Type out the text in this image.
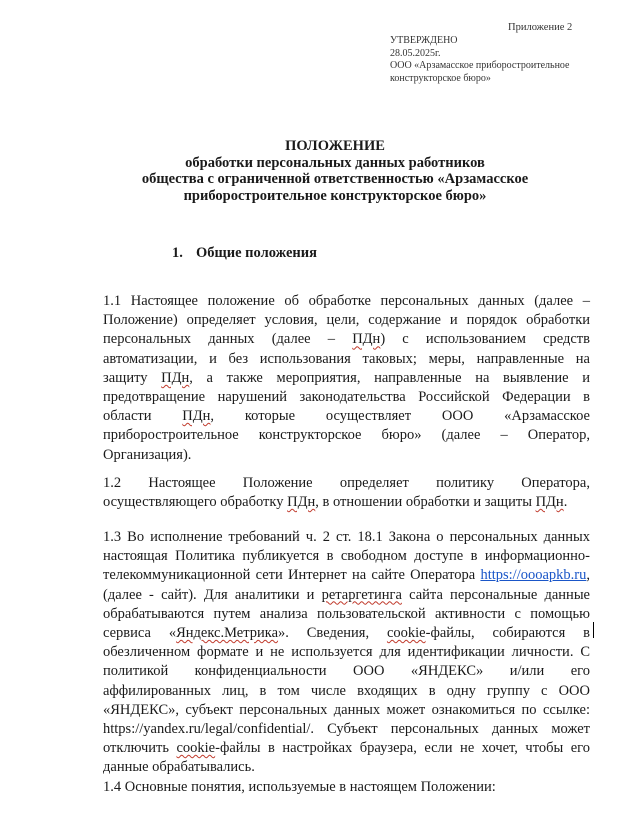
Приложение 2
УТВЕРЖДЕНО
28.05.2025г.
ООО «Арзамасское приборостроительное
конструкторское бюро»
ПОЛОЖЕНИЕ
обработки персональных данных работников
общества с ограниченной ответственностью «Арзамасское
приборостроительное конструкторское бюро»
1. Общие положения
1.1 Настоящее положение об обработке персональных данных (далее –
Положение) определяет условия, цели, содержание и порядок обработки
персональных данных (далее – ПДн) с использованием средств
автоматизации, и без использования таковых; меры, направленные на
защиту ПДн, а также мероприятия, направленные на выявление и
предотвращение нарушений законодательства Российской Федерации в
области ПДн, которые осуществляет ООО «Арзамасское
приборостроительное конструкторское бюро» (далее – Оператор,
Организация).
1.2 Настоящее Положение определяет политику Оператора,
осуществляющего обработку ПДн, в отношении обработки и защиты ПДн.
1.3 Во исполнение требований ч. 2 ст. 18.1 Закона о персональных данных
настоящая Политика публикуется в свободном доступе в информационно-
телекоммуникационной сети Интернет на сайте Оператора https://oooapkb.ru,
(далее - сайт). Для аналитики и ретаргетинга сайта персональные данные
обрабатываются путем анализа пользовательской активности с помощью
сервиса «Яндекс.Метрика». Сведения, cookie-файлы, собираются в
обезличенном формате и не используется для идентификации личности. С
политикой конфиденциальности ООО «ЯНДЕКС» и/или его
аффилированных лиц, в том числе входящих в одну группу с ООО
«ЯНДЕКС», субъект персональных данных может ознакомиться по ссылке:
https://yandex.ru/legal/confidential/. Субъект персональных данных может
отключить cookie-файлы в настройках браузера, если не хочет, чтобы его
данные обрабатывались.
1.4 Основные понятия, используемые в настоящем Положении:
